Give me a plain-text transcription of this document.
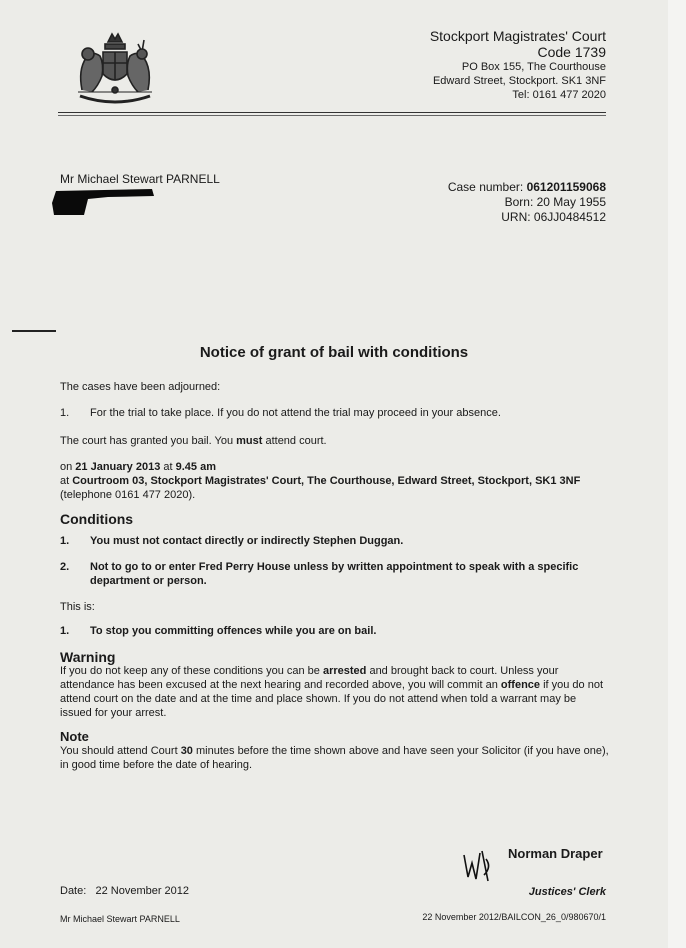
Stockport Magistrates' Court
Code 1739
PO Box 155, The Courthouse
Edward Street, Stockport. SK1 3NF
Tel: 0161 477 2020
Mr Michael Stewart PARNELL
Case number: 061201159068
Born: 20 May 1955
URN: 06JJ0484512
Notice of grant of bail with conditions

The cases have been adjourned:

1.	For the trial to take place. If you do not attend the trial may proceed in your absence.

The court has granted you bail. You must attend court.

on 21 January 2013 at 9.45 am

at Courtroom 03, Stockport Magistrates' Court, The Courthouse, Edward Street, Stockport, SK1 3NF

(telephone 0161 477 2020).

Conditions
1.	You must not contact directly or indirectly Stephen Duggan.
2.	Not to go to or enter Fred Perry House unless by written appointment to speak with a specific department or person.

This is:

1.	To stop you committing offences while you are on bail.
Warning

If you do not keep any of these conditions you can be arrested and brought back to court. Unless your attendance has been excused at the next hearing and recorded above, you will commit an offence if you do not attend court on the date and at the time and place shown. If you do not attend when told a warrant may be issued for your arrest.

Note

You should attend Court 30 minutes before the time shown above and have seen your Solicitor (if you have one), in good time before the date of hearing.

Norman Draper
Justices' Clerk
Date: 22 November 2012
Mr Michael Stewart PARNELL	22 November 2012/BAILCON_26_0/980670/1
